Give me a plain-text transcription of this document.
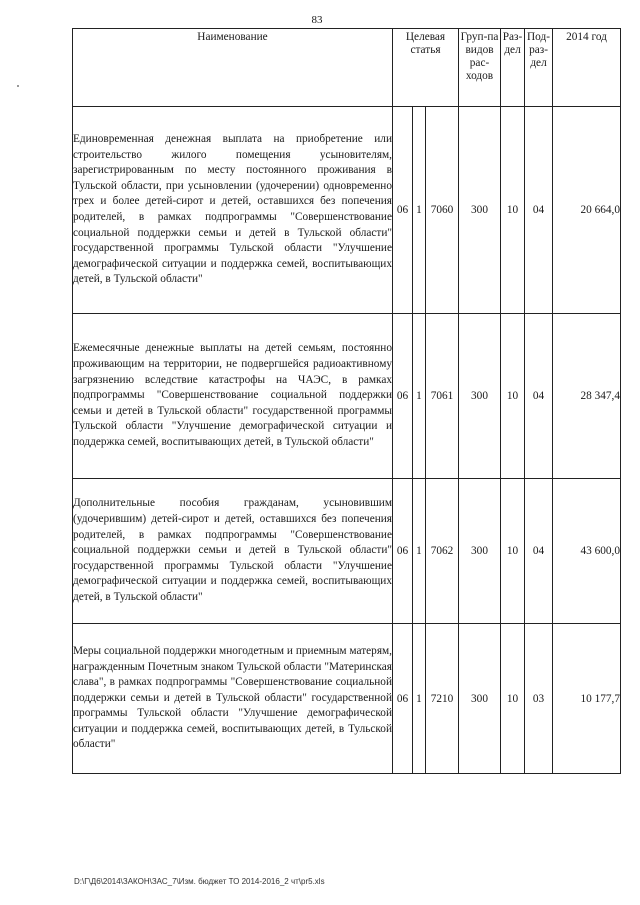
83
Наименование	Целевая статья			Груп-па видов рас-ходов	Раз-дел	Под-раз-дел	2014 год
Единовременная денежная выплата на приобретение или строительство жилого помещения усыновителям, зарегистрированным по месту постоянного проживания в Тульской области, при усыновлении (удочерении) одновременно трех и более детей-сирот и детей, оставшихся без попечения родителей, в рамках подпрограммы "Совершенствование социальной поддержки семьи и детей в Тульской области" государственной программы Тульской области "Улучшение демографической ситуации и поддержка семей, воспитывающих детей, в Тульской области"	06	1	7060	300	10	04	20 664,0
Ежемесячные денежные выплаты на детей семьям, постоянно проживающим на территории, не подвергшейся радиоактивному загрязнению вследствие катастрофы на ЧАЭС, в рамках подпрограммы "Совершенствование социальной поддержки семьи и детей в Тульской области" государственной программы Тульской области "Улучшение демографической ситуации и поддержка семей, воспитывающих детей, в Тульской области"	06	1	7061	300	10	04	28 347,4
Дополнительные пособия гражданам, усыновившим (удочерившим) детей-сирот и детей, оставшихся без попечения родителей, в рамках подпрограммы "Совершенствование социальной поддержки семьи и детей в Тульской области" государственной программы Тульской области "Улучшение демографической ситуации и поддержка семей, воспитывающих детей, в Тульской области"	06	1	7062	300	10	04	43 600,0
Меры социальной поддержки многодетным и приемным матерям, награжденным Почетным знаком Тульской области "Материнская слава", в рамках подпрограммы "Совершенствование социальной поддержки семьи и детей в Тульской области" государственной программы Тульской области "Улучшение демографической ситуации и поддержка семей, воспитывающих детей, в Тульской области"	06	1	7210	300	10	03	10 177,7
D:\Г\Д6\2014\ЗАКОН\ЗАС_7\Изм. бюджет ТО 2014-2016_2 чт\pr5.xls
